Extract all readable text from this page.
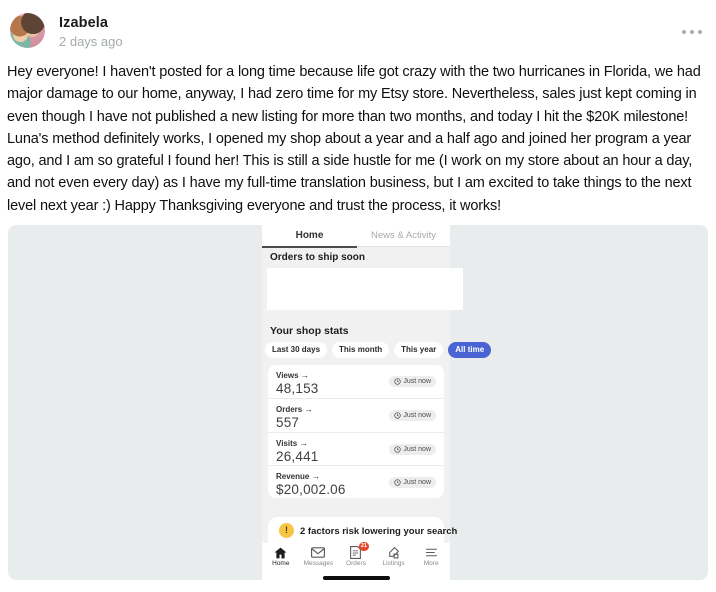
Izabela
2 days ago
Hey everyone! I haven't posted for a long time because life got crazy with the two hurricanes in Florida, we had major damage to our home, anyway, I had zero time for my Etsy store. Nevertheless, sales just kept coming in even though I have not published a new listing for more than two months, and today I hit the $20K milestone! Luna's method definitely works, I opened my shop about a year and a half ago and joined her program a year ago, and I am so grateful I found her! This is still a side hustle for me (I work on my store about an hour a day, and not even every day) as I have my full-time translation business, but I am excited to take things to the next level next year :) Happy Thanksgiving everyone and trust the process, it works!
Home	News & Activity
Orders to ship soon
Your shop stats
Last 30 days	This month	This year	All time
Views →
48,153	Just now
Orders →
557	Just now
Visits →
26,441	Just now
Revenue →
$20,002.06	Just now
!	2 factors risk lowering your search
Home Messages
21
Orders	Listings	More
